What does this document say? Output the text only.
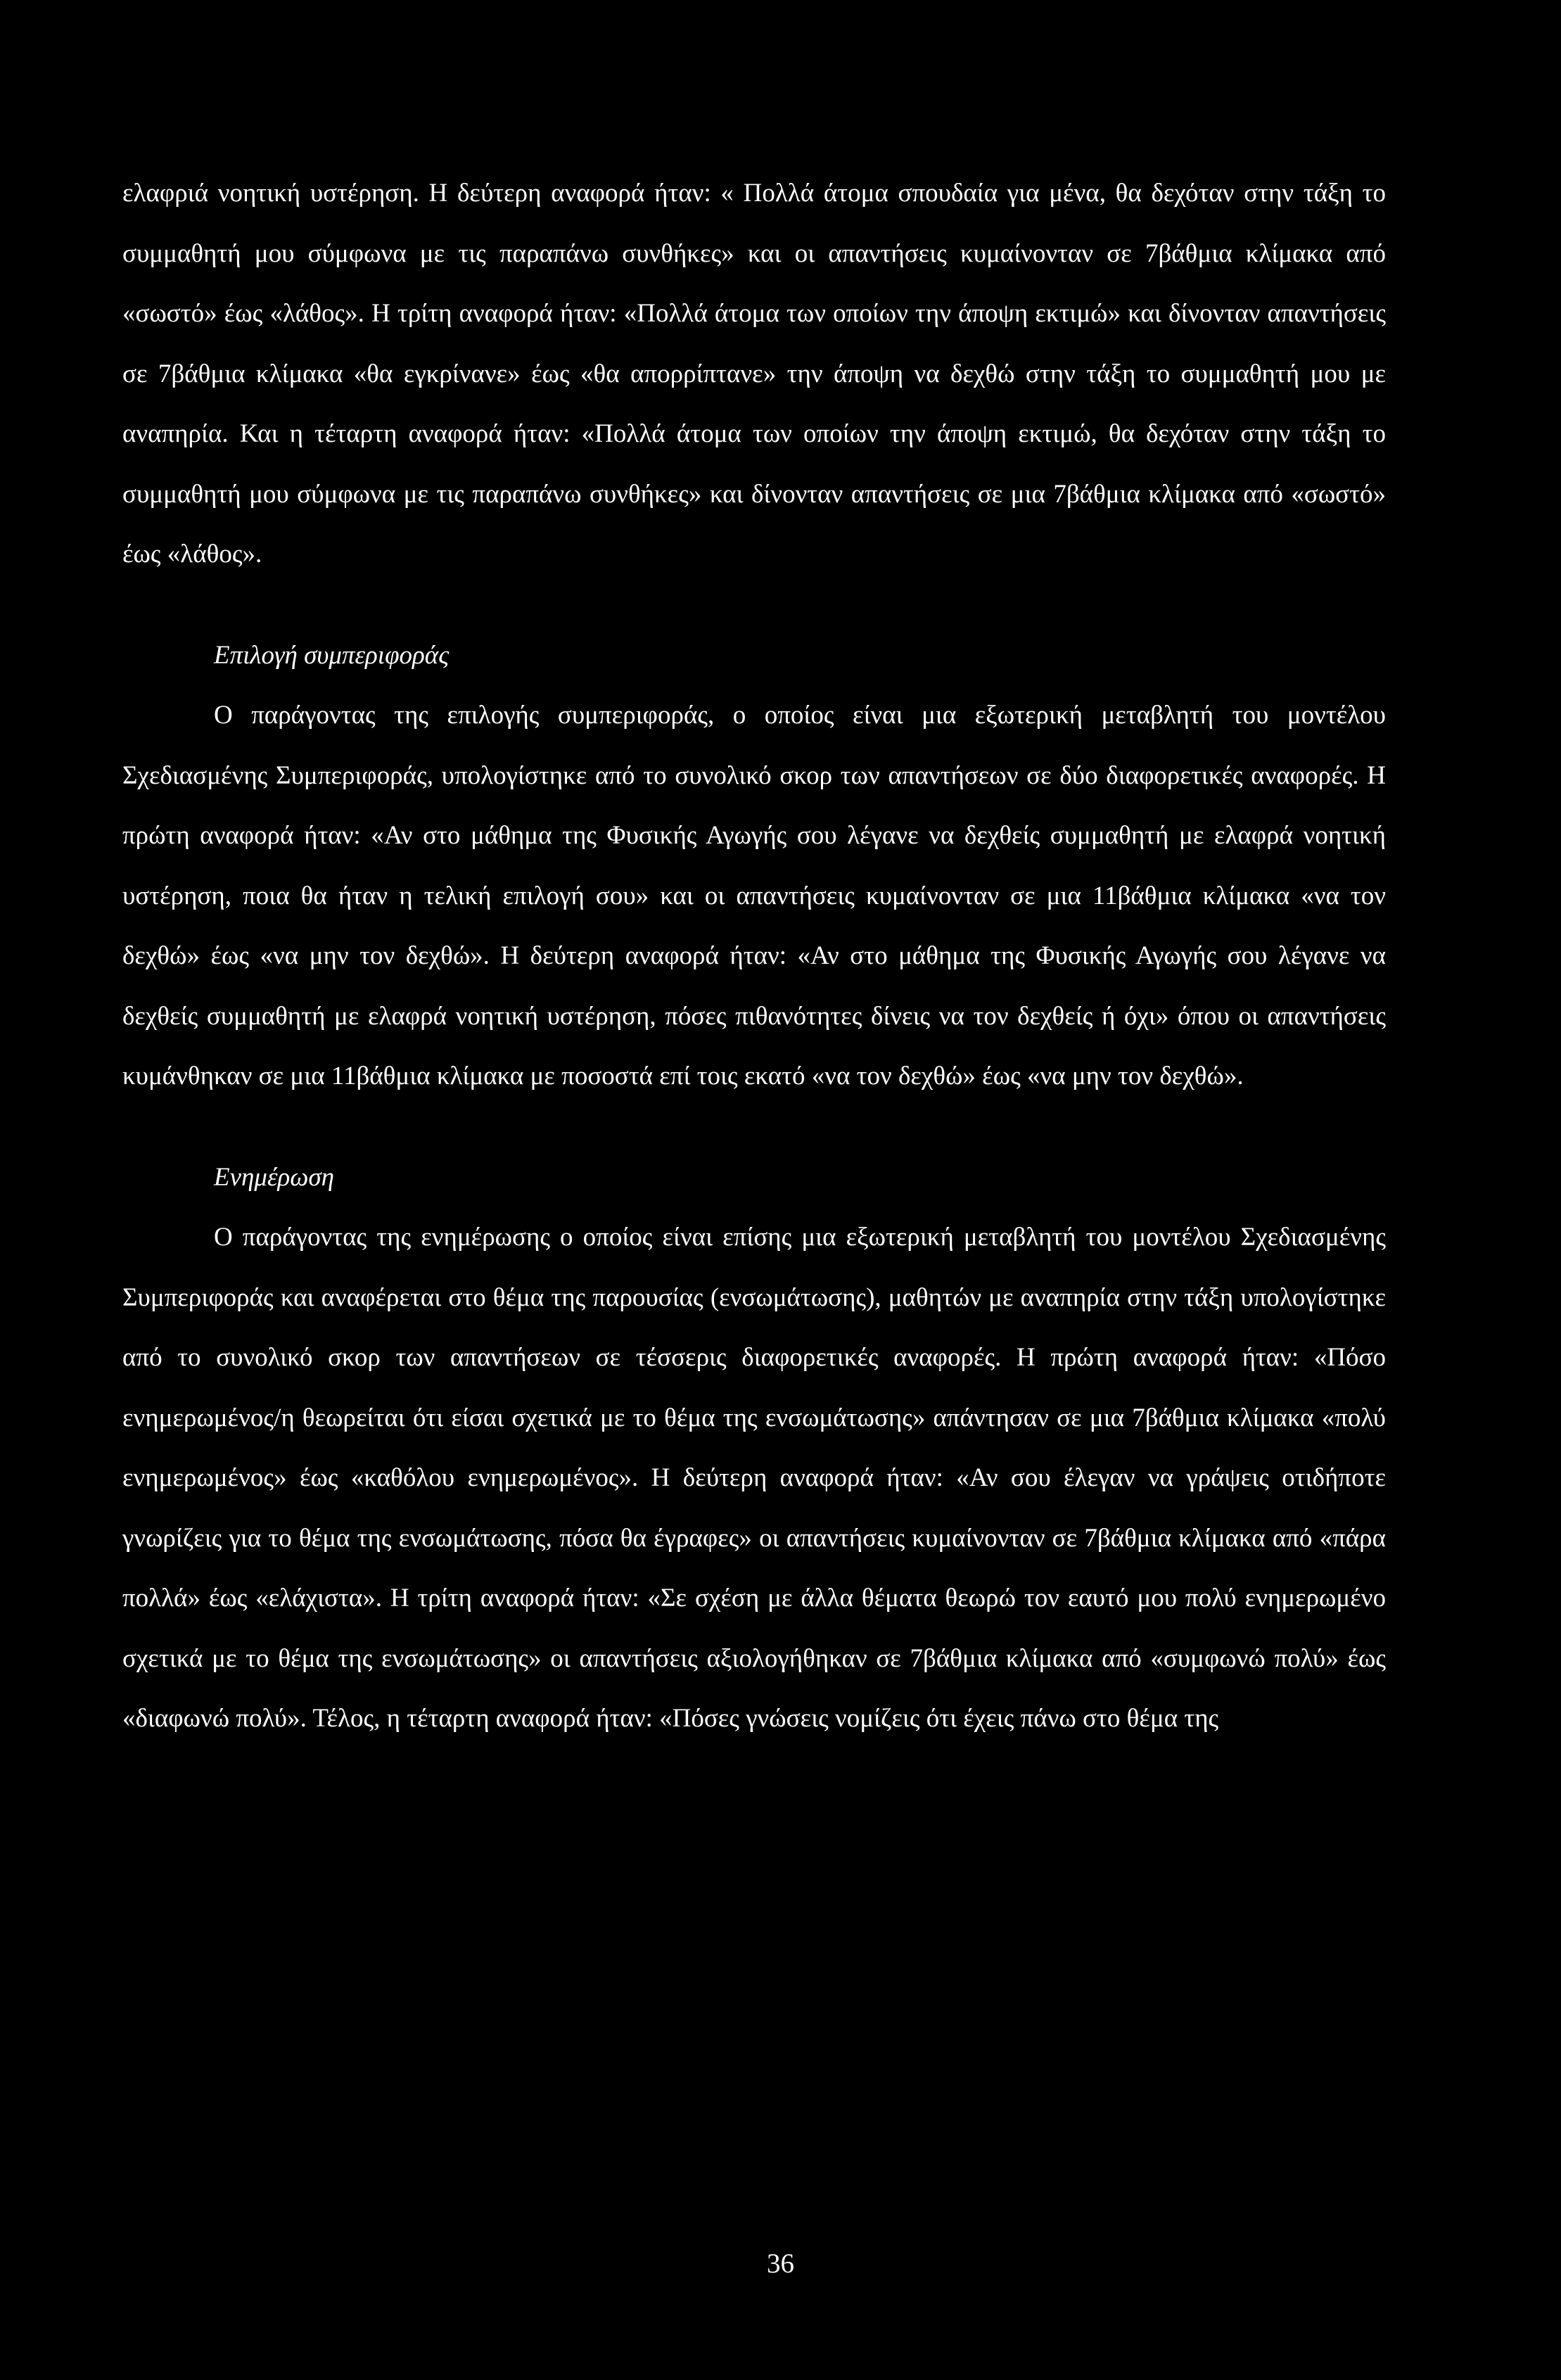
ελαφριά νοητική υστέρηση. Η δεύτερη αναφορά ήταν: « Πολλά άτομα σπουδαία για μένα, θα δεχόταν στην τάξη το συμμαθητή μου σύμφωνα με τις παραπάνω συνθήκες» και οι απαντήσεις κυμαίνονταν σε 7βάθμια κλίμακα από «σωστό» έως «λάθος». Η τρίτη αναφορά ήταν: «Πολλά άτομα των οποίων την άποψη εκτιμώ» και δίνονταν απαντήσεις σε 7βάθμια κλίμακα «θα εγκρίνανε» έως «θα απορρίπτανε» την άποψη να δεχθώ στην τάξη το συμμαθητή μου με αναπηρία. Και η τέταρτη αναφορά ήταν: «Πολλά άτομα των οποίων την άποψη εκτιμώ, θα δεχόταν στην τάξη το συμμαθητή μου σύμφωνα με τις παραπάνω συνθήκες» και δίνονταν απαντήσεις σε μια 7βάθμια κλίμακα από «σωστό» έως «λάθος».

Επιλογή συμπεριφοράς

Ο παράγοντας της επιλογής συμπεριφοράς, ο οποίος είναι μια εξωτερική μεταβλητή του μοντέλου Σχεδιασμένης Συμπεριφοράς, υπολογίστηκε από το συνολικό σκορ των απαντήσεων σε δύο διαφορετικές αναφορές. Η πρώτη αναφορά ήταν: «Αν στο μάθημα της Φυσικής Αγωγής σου λέγανε να δεχθείς συμμαθητή με ελαφρά νοητική υστέρηση, ποια θα ήταν η τελική επιλογή σου» και οι απαντήσεις κυμαίνονταν σε μια 11βάθμια κλίμακα «να τον δεχθώ» έως «να μην τον δεχθώ». Η δεύτερη αναφορά ήταν: «Αν στο μάθημα της Φυσικής Αγωγής σου λέγανε να δεχθείς συμμαθητή με ελαφρά νοητική υστέρηση, πόσες πιθανότητες δίνεις να τον δεχθείς ή όχι» όπου οι απαντήσεις κυμάνθηκαν σε μια 11βάθμια κλίμακα με ποσοστά επί τοις εκατό «να τον δεχθώ» έως «να μην τον δεχθώ».

Ενημέρωση

Ο παράγοντας της ενημέρωσης ο οποίος είναι επίσης μια εξωτερική μεταβλητή του μοντέλου Σχεδιασμένης Συμπεριφοράς και αναφέρεται στο θέμα της παρουσίας (ενσωμάτωσης), μαθητών με αναπηρία στην τάξη υπολογίστηκε από το συνολικό σκορ των απαντήσεων σε τέσσερις διαφορετικές αναφορές. Η πρώτη αναφορά ήταν: «Πόσο ενημερωμένος/η θεωρείται ότι είσαι σχετικά με το θέμα της ενσωμάτωσης» απάντησαν σε μια 7βάθμια κλίμακα «πολύ ενημερωμένος» έως «καθόλου ενημερωμένος». Η δεύτερη αναφορά ήταν: «Αν σου έλεγαν να γράψεις οτιδήποτε γνωρίζεις για το θέμα της ενσωμάτωσης, πόσα θα έγραφες» οι απαντήσεις κυμαίνονταν σε 7βάθμια κλίμακα από «πάρα πολλά» έως «ελάχιστα». Η τρίτη αναφορά ήταν: «Σε σχέση με άλλα θέματα θεωρώ τον εαυτό μου πολύ ενημερωμένο σχετικά με το θέμα της ενσωμάτωσης» οι απαντήσεις αξιολογήθηκαν σε 7βάθμια κλίμακα από «συμφωνώ πολύ» έως «διαφωνώ πολύ». Τέλος, η τέταρτη αναφορά ήταν: «Πόσες γνώσεις νομίζεις ότι έχεις πάνω στο θέμα της

36
